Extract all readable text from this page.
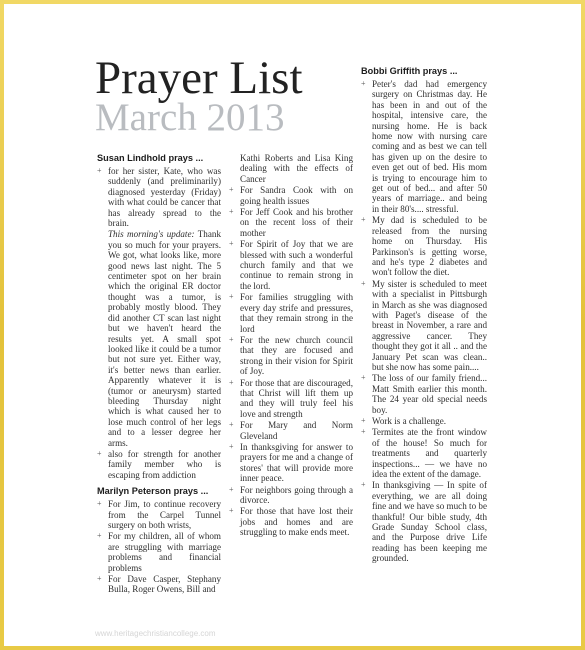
Prayer List
March 2013
Susan Lindhold prays ...
+ for her sister, Kate, who was suddenly (and preliminarily) diagnosed yesterday (Friday) with what could be cancer that has already spread to the brain.
This morning's update: Thank you so much for your prayers. We got, what looks like, more good news last night. The 5 centimeter spot on her brain which the original ER doctor thought was a tumor, is probably mostly blood. They did another CT scan last night but we haven't heard the results yet. A small spot looked like it could be a tumor but not sure yet. Either way, it's better news than earlier. Apparently whatever it is (tumor or aneurysm) started bleeding Thursday night which is what caused her to lose much control of her legs and to a lesser degree her arms.
+ also for strength for another family member who is escaping from addiction
Marilyn Peterson prays ...
+ For Jim, to continue recovery from the Carpel Tunnel surgery on both wrists,
+ For my children, all of whom are struggling with marriage problems and financial problems
+ For Dave Casper, Stephany Bulla, Roger Owens, Bill and
Kathi Roberts and Lisa King dealing with the effects of Cancer
+ For Sandra Cook with on going health issues
+ For Jeff Cook and his brother on the recent loss of their mother
+ For Spirit of Joy that we are blessed with such a wonderful church family and that we continue to remain strong in the lord.
+ For families struggling with every day strife and pressures, that they remain strong in the lord
+ For the new church council that they are focused and strong in their vision for Spirit of Joy.
+ For those that are discouraged, that Christ will lift them up and they will truly feel his love and strength
+ For Mary and Norm Gleveland
+ In thanksgiving for answer to prayers for me and a change of stores' that will provide more inner peace.
+ For neighbors going through a divorce.
+ For those that have lost their jobs and homes and are struggling to make ends meet.
Bobbi Griffith prays ...
+ Peter's dad had emergency surgery on Christmas day. He has been in and out of the hospital, intensive care, the nursing home. He is back home now with nursing care coming and as best we can tell has given up on the desire to even get out of bed. His mom is trying to encourage him to get out of bed... and after 50 years of marriage.. and being in their 80's.... stressful.
+ My dad is scheduled to be released from the nursing home on Thursday. His Parkinson's is getting worse, and he's type 2 diabetes and won't follow the diet.
+ My sister is scheduled to meet with a specialist in Pittsburgh in March as she was diagnosed with Paget's disease of the breast in November, a rare and aggressive cancer. They thought they got it all .. and the January Pet scan was clean.. but she now has some pain....
+ The loss of our family friend... Matt Smith earlier this month. The 24 year old special needs boy.
+ Work is a challenge.
+ Termites ate the front window of the house! So much for treatments and quarterly inspections... — we have no idea the extent of the damage.
+ In thanksgiving — In spite of everything, we are all doing fine and we have so much to be thankful! Our bible study, 4th Grade Sunday School class, and the Purpose drive Life reading has been keeping me grounded.
www.heritagechristiancollege.com
